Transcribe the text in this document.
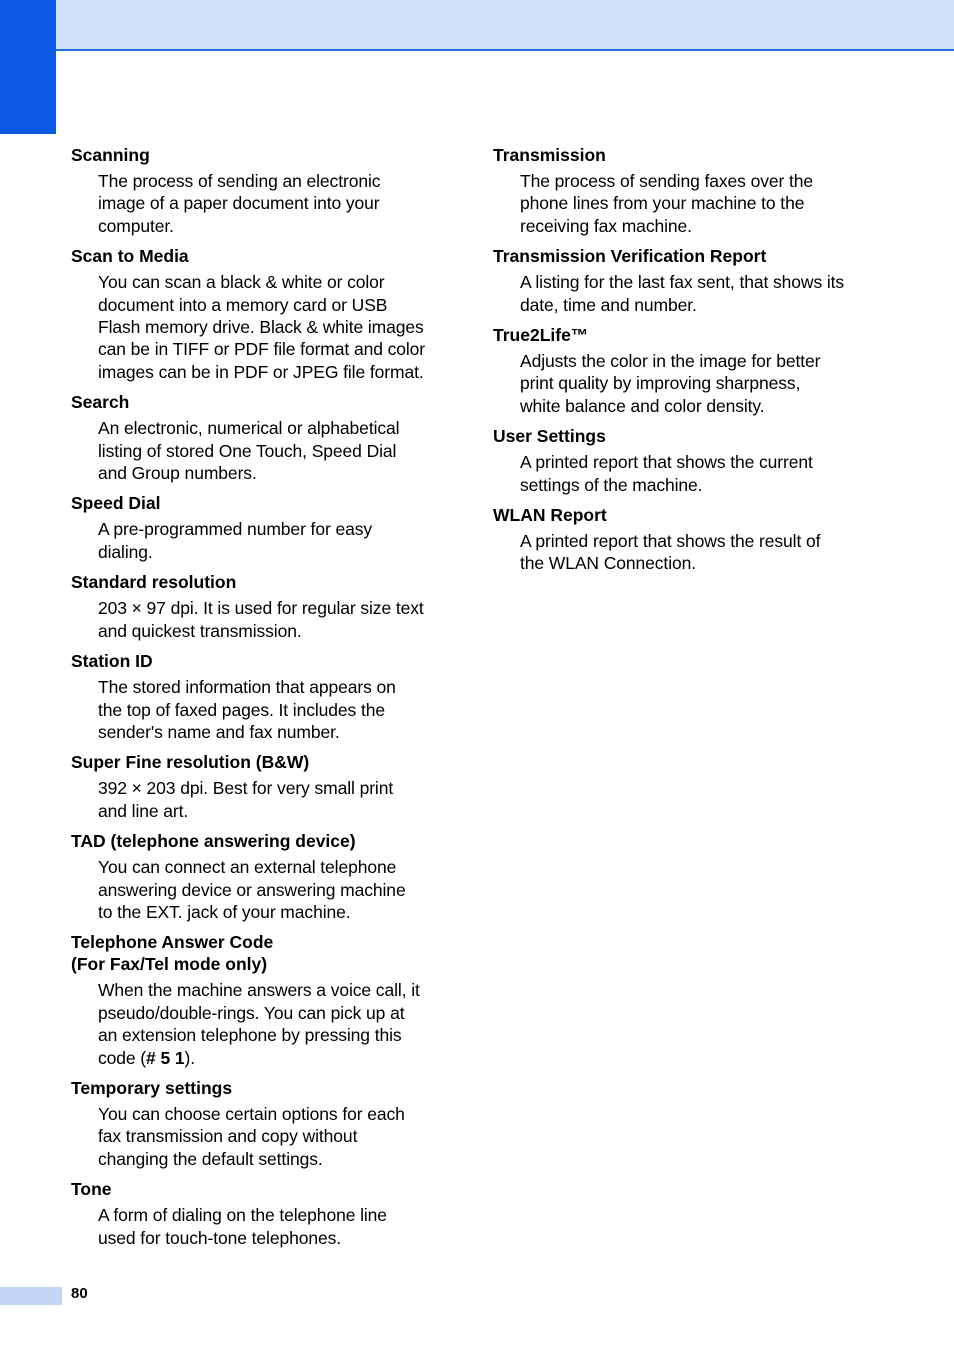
Scanning
The process of sending an electronic
image of a paper document into your
computer.
Scan to Media
You can scan a black & white or color
document into a memory card or USB
Flash memory drive. Black & white images
can be in TIFF or PDF file format and color
images can be in PDF or JPEG file format.
Search
An electronic, numerical or alphabetical
listing of stored One Touch, Speed Dial
and Group numbers.
Speed Dial
A pre-programmed number for easy
dialing.
Standard resolution
203 × 97 dpi. It is used for regular size text
and quickest transmission.
Station ID
The stored information that appears on
the top of faxed pages. It includes the
sender's name and fax number.
Super Fine resolution (B&W)
392 × 203 dpi. Best for very small print
and line art.
TAD (telephone answering device)
You can connect an external telephone
answering device or answering machine
to the EXT. jack of your machine.
Telephone Answer Code
(For Fax/Tel mode only)
When the machine answers a voice call, it
pseudo/double-rings. You can pick up at
an extension telephone by pressing this
code (# 5 1).
Temporary settings
You can choose certain options for each
fax transmission and copy without
changing the default settings.
Tone
A form of dialing on the telephone line
used for touch-tone telephones.
Transmission
The process of sending faxes over the
phone lines from your machine to the
receiving fax machine.
Transmission Verification Report
A listing for the last fax sent, that shows its
date, time and number.
True2Life™
Adjusts the color in the image for better
print quality by improving sharpness,
white balance and color density.
User Settings
A printed report that shows the current
settings of the machine.
WLAN Report
A printed report that shows the result of
the WLAN Connection.
80
